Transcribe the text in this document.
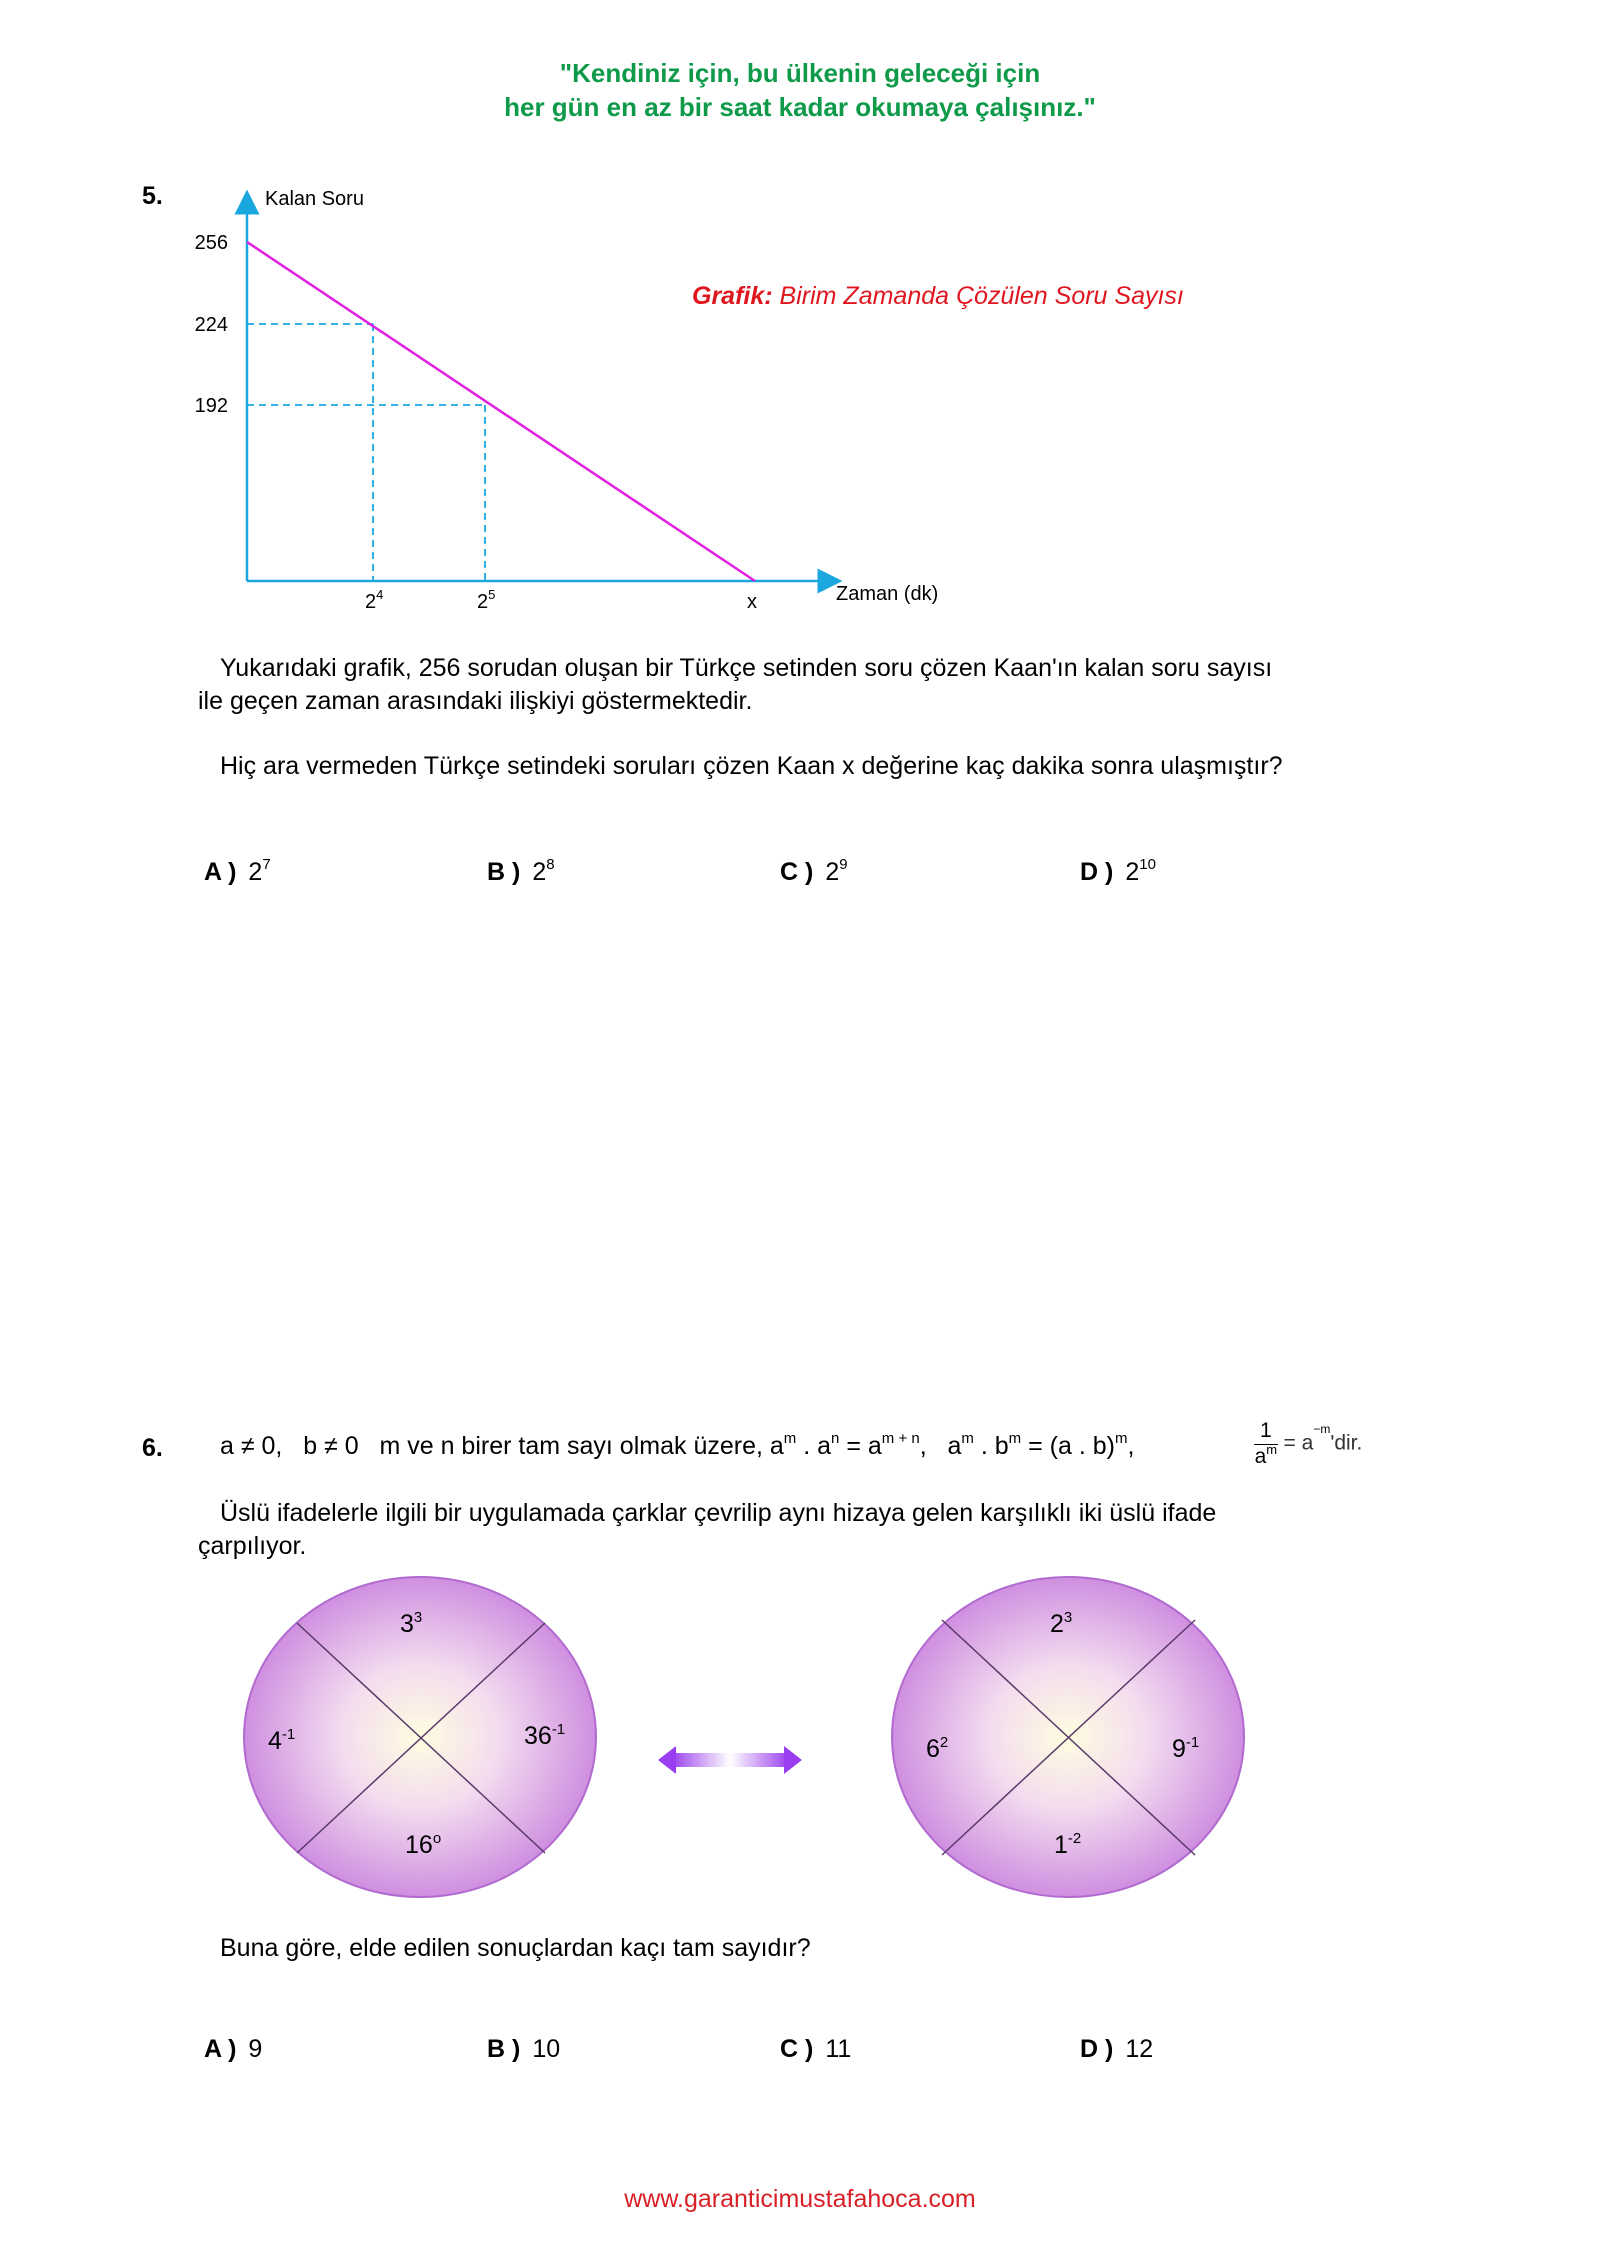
"Kendiniz için, bu ülkenin geleceği için
her gün en az bir saat kadar okumaya çalışınız."
5.	Kalan Soru
Zaman (dk)
256
224
192
$2^4$	$2^5$	x
Grafik: Birim Zamanda Çözülen Soru Sayısı
Yukarıdaki grafik, 256 sorudan oluşan bir Türkçe setinden soru çözen Kaan'ın kalan soru sayısı
ile geçen zaman arasındaki ilişkiyi göstermektedir.
Hiç ara vermeden Türkçe setindeki soruları çözen Kaan x değerine kaç dakika sonra ulaşmıştır?
A ) $2^7$	B ) $2^8$	C ) $2^9$	D ) $2^{10}$
6. a ≠ 0,   b ≠ 0   m ve n birer tam sayı olmak üzere, $a^m$ . $a^n = a^{m + n}$,   $a^m$ . $b^m = (a$ . b)$^m$,	$\frac{1}{a^m} = a^{-m}'dir$.
Üslü ifadelerle ilgili bir uygulamada çarklar çevrilip aynı hizaya gelen karşılıklı iki üslü ifade
çarpılıyor.
$3^3$
$4^{-1}$	$36^{-1}$
16$^o$
$2^3$
$6^2$	$9^{-1}$
$1^{-2}$
Buna göre, elde edilen sonuçlardan kaçı tam sayıdır?
A ) 9	B ) 10	C ) 11	D ) 12
www.garanticimustafahoca.com
